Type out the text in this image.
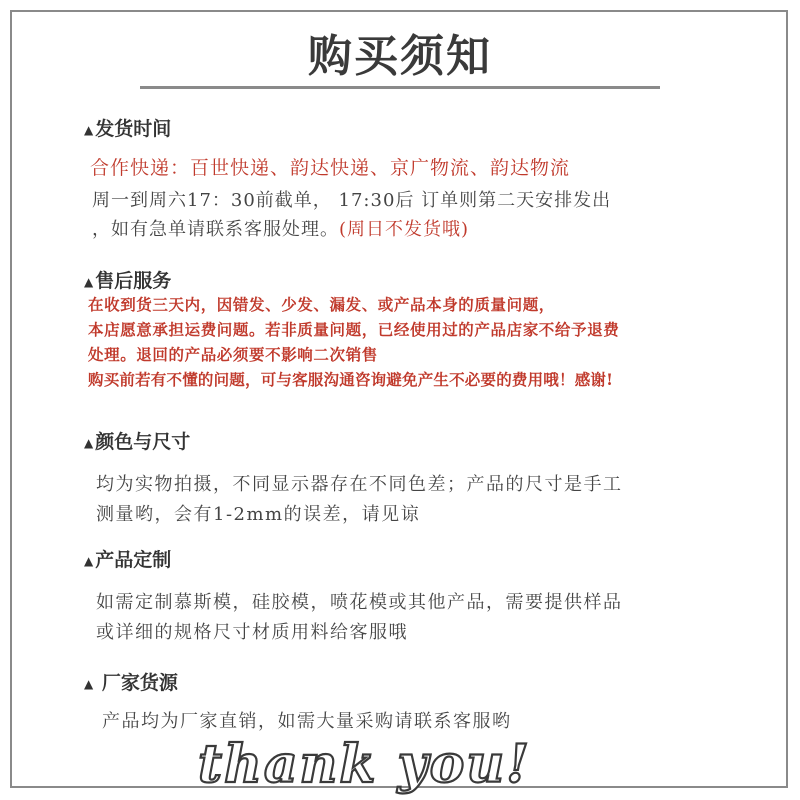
购买须知
▲ 发货时间
合作快递：百世快递、韵达快递、京广物流、韵达物流
周一到周六17：30前截单， 17:30后 订单则第二天安排发出
，如有急单请联系客服处理。(周日不发货哦)
▲ 售后服务
在收到货三天内，因错发、少发、漏发、或产品本身的质量问题，
本店愿意承担运费问题。若非质量问题，已经使用过的产品店家不给予退费
处理。退回的产品必须要不影响二次销售
购买前若有不懂的问题，可与客服沟通咨询避免产生不必要的费用哦！感谢!
▲ 颜色与尺寸
均为实物拍摄，不同显示器存在不同色差；产品的尺寸是手工
测量哟，会有1-2mm的误差，请见谅
▲ 产品定制
如需定制慕斯模，硅胶模，喷花模或其他产品，需要提供样品
或详细的规格尺寸材质用料给客服哦
▲ 厂家货源
产品均为厂家直销，如需大量采购请联系客服哟
thank you!
